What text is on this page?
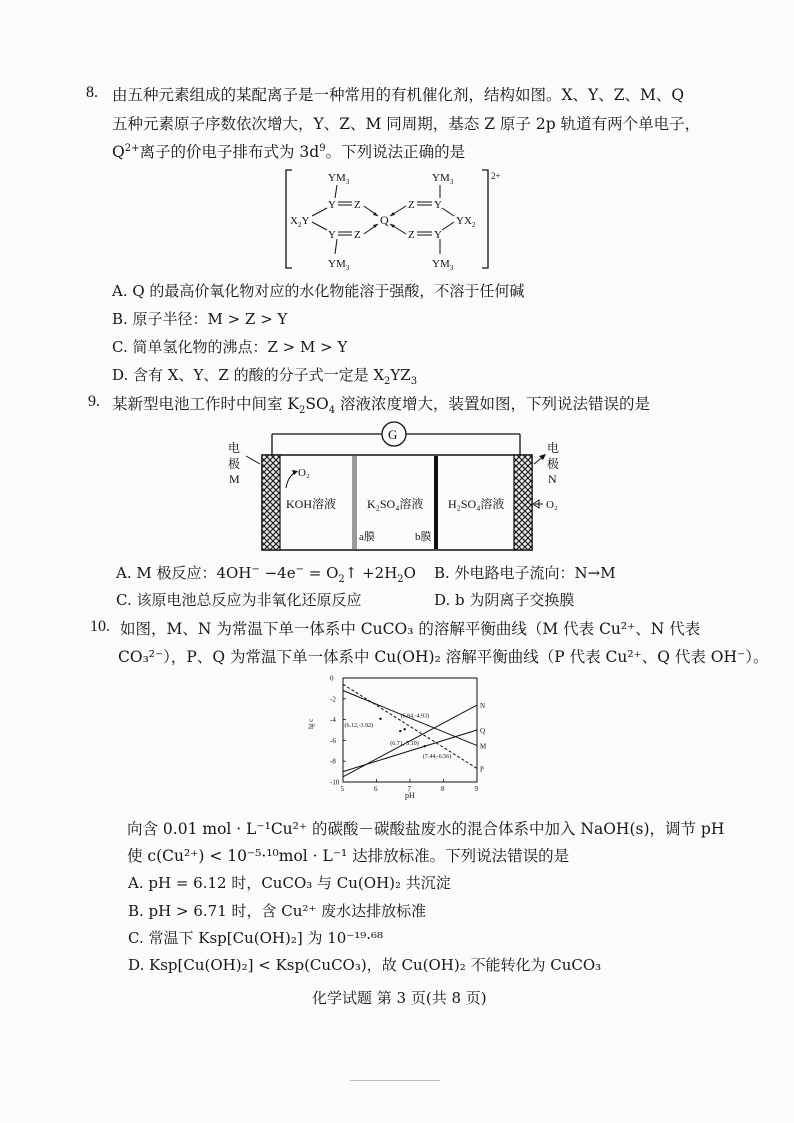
8. 由五种元素组成的某配离子是一种常用的有机催化剂，结构如图。X、Y、Z、M、Q
五种元素原子序数依次增大，Y、Z、M 同周期，基态 Z 原子 2p 轨道有两个单电子，
$Q^{2+}$离子的价电子排布式为 $3d^9$。下列说法正确的是
2+
$YM_3$	$YM_3$
$YM_3$	$YM_3$
$X_2Y$	$YX_2$
Y Z	Z Y
Y Z	Z Y
Q
A. Q 的最高价氧化物对应的水化物能溶于强酸，不溶于任何碱
B. 原子半径：M > Z > Y
C. 简单氢化物的沸点：Z > M > Y
D. 含有 X、Y、Z 的酸的分子式一定是 $X_2YZ_3$
9. 某新型电池工作时中间室 $K_2SO_4$ 溶液浓度增大，装置如图，下列说法错误的是
G
电
极
M
电
极
N
O₂
O₂
KOH溶液	K₂SO₄溶液 H₂SO₄溶液
a膜	b膜
A. M 极反应：$4OH^- -4e^- = O_2↑ +2H_2O$ B. 外电路电子流向：N→M
C. 该原电池总反应为非氧化还原反应	D. b 为阴离子交换膜
10. 如图，M、N 为常温下单一体系中 CuCO₃ 的溶解平衡曲线（M 代表 Cu²⁺、N 代表
CO₃²⁻），P、Q 为常温下单一体系中 Cu(OH)₂ 溶解平衡曲线（P 代表 Cu²⁺、Q 代表 OH⁻）。
5	6	7	8	9
0
-2
-4
-6
-8
-10
N
Q
M
P
(6.84,-4.93)
(6.12,-3.92)
(6.71,-5.10)
(7.44,-6.56)
lg c
pH
向含 0.01 mol · L⁻¹Cu²⁺ 的碳酸－碳酸盐废水的混合体系中加入 NaOH(s)，调节 pH
使 c(Cu²⁺) < 10⁻⁵·¹⁰mol · L⁻¹ 达排放标准。下列说法错误的是
A. pH = 6.12 时，CuCO₃ 与 Cu(OH)₂ 共沉淀
B. pH > 6.71 时，含 Cu²⁺ 废水达排放标准
C. 常温下 Ksp[Cu(OH)₂] 为 10⁻¹⁹·⁶⁸
D. Ksp[Cu(OH)₂] < Ksp(CuCO₃)，故 Cu(OH)₂ 不能转化为 CuCO₃
化学试题 第 3 页(共 8 页)
